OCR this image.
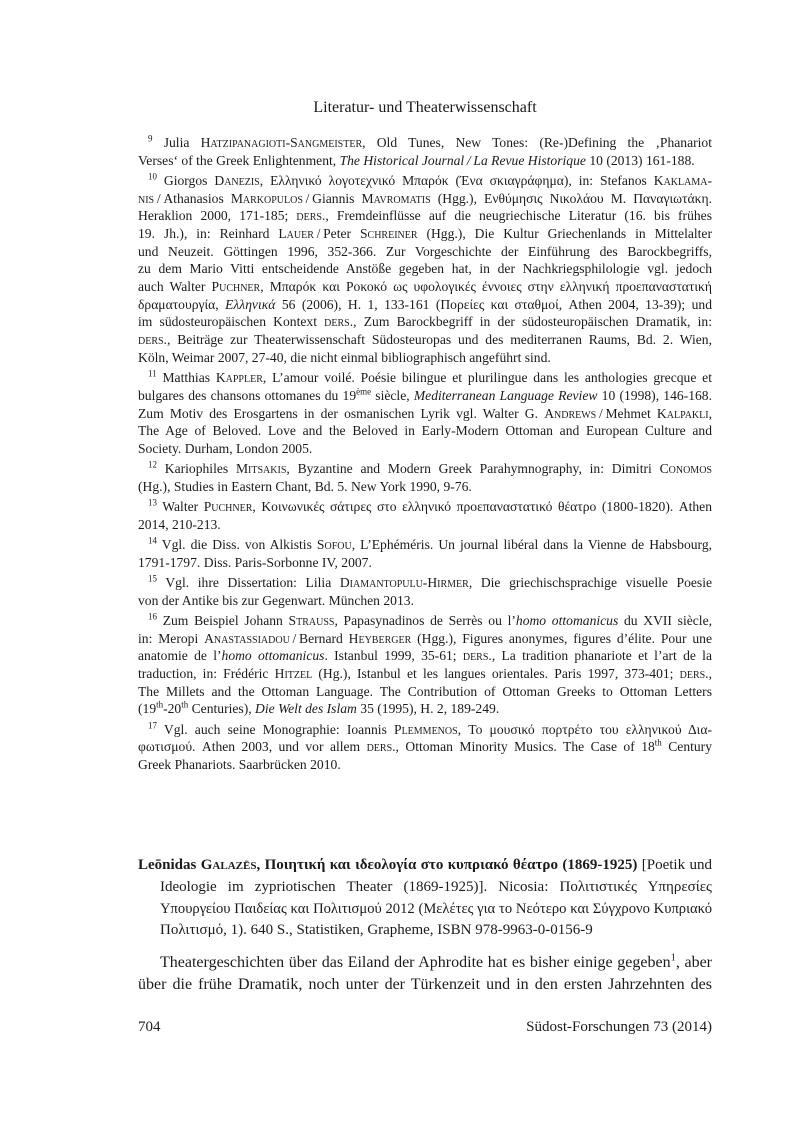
Literatur- und Theaterwissenschaft
$^9$ Julia Hatzipanagioti-Sangmeister, Old Tunes, New Tones: (Re-)Defining the ‚Phanariot
Verses‘ of the Greek Enlightenment, The Historical Journal / La Revue Historique 10 (2013) 161-188.
$^{10}$ Giorgos Danezis, Ελληνικό λογοτεχνικό Μπαρόκ (Ένα σκιαγράφημα), in: Stefanos Kaklama-
nis / Athanasios Markopulos / Giannis Mavromatis (Hgg.), Ενθύμησις Νικολάου Μ. Παναγιωτάκη.
Heraklion 2000, 171-185; ders., Fremdeinflüsse auf die neugriechische Literatur (16. bis frühes
19. Jh.), in: Reinhard Lauer / Peter Schreiner (Hgg.), Die Kultur Griechenlands in Mittelalter
und Neuzeit. Göttingen 1996, 352-366. Zur Vorgeschichte der Einführung des Barockbegriffs,
zu dem Mario Vitti entscheidende Anstöße gegeben hat, in der Nachkriegsphilologie vgl. jedoch
auch Walter Puchner, Μπαρόκ και Ροκοκό ως υφολογικές έννοιες στην ελληνική προεπαναστατική
δραματουργία, Ελληνικά 56 (2006), H. 1, 133-161 (Πορείες και σταθμοί, Athen 2004, 13-39); und
im südosteuropäischen Kontext ders., Zum Barockbegriff in der südosteuropäischen Dramatik, in:
ders., Beiträge zur Theaterwissenschaft Südosteuropas und des mediterranen Raums, Bd. 2. Wien,
Köln, Weimar 2007, 27-40, die nicht einmal bibliographisch angeführt sind.
$^{11}$ Matthias Kappler, L’amour voilé. Poésie bilingue et plurilingue dans les anthologies grecque et
bulgares des chansons ottomanes du 19ème siècle, Mediterranean Language Review 10 (1998), 146-168.
Zum Motiv des Erosgartens in der osmanischen Lyrik vgl. Walter G. Andrews / Mehmet Kalpakli,
The Age of Beloved. Love and the Beloved in Early-Modern Ottoman and European Culture and
Society. Durham, London 2005.
$^{12}$ Kariophiles Mitsakis, Byzantine and Modern Greek Parahymnography, in: Dimitri Conomos
(Hg.), Studies in Eastern Chant, Bd. 5. New York 1990, 9-76.
$^{13}$ Walter Puchner, Κοινωνικές σάτιρες στο ελληνικό προεπαναστατικό θέατρο (1800-1820). Athen
2014, 210-213.
$^{14}$ Vgl. die Diss. von Alkistis Sofou, L’Ephéméris. Un journal libéral dans la Vienne de Habsbourg,
1791-1797. Diss. Paris-Sorbonne IV, 2007.
$^{15}$ Vgl. ihre Dissertation: Lilia Diamantopulu-Hirmer, Die griechischsprachige visuelle Poesie
von der Antike bis zur Gegenwart. München 2013.
$^{16}$ Zum Beispiel Johann Strauss, Papasynadinos de Serrès ou l’homo ottomanicus du XVII siècle,
in: Meropi Anastassiadou / Bernard Heyberger (Hgg.), Figures anonymes, figures d’élite. Pour une
anatomie de l’homo ottomanicus. Istanbul 1999, 35-61; ders., La tradition phanariote et l’art de la
traduction, in: Frédéric Hitzel (Hg.), Istanbul et les langues orientales. Paris 1997, 373-401; ders.,
The Millets and the Ottoman Language. The Contribution of Ottoman Greeks to Ottoman Letters
(19th-20th Centuries), Die Welt des Islam 35 (1995), H. 2, 189-249.
$^{17}$ Vgl. auch seine Monographie: Ioannis Plemmenos, Το μουσικό πορτρέτο του ελληνικού Δια-
φωτισμού. Athen 2003, und vor allem ders., Ottoman Minority Musics. The Case of 18th Century
Greek Phanariots. Saarbrücken 2010.
Leōnidas Galazēs, Ποιητική και ιδεολογία στο κυπριακό θέατρο (1869-1925) [Poetik und
Ideologie im zypriotischen Theater (1869-1925)]. Nicosia: Πολιτιστικές Υπηρεσίες
Υπουργείου Παιδείας και Πολιτισμού 2012 (Μελέτες για το Νεότερο και Σύγχρονο Κυπριακό
Πολιτισμό, 1). 640 S., Statistiken, Grapheme, ISBN 978-9963-0-0156-9
Theatergeschichten über das Eiland der Aphrodite hat es bisher einige gegeben$^1$, aber
über die frühe Dramatik, noch unter der Türkenzeit und in den ersten Jahrzehnten des
704	Südost-Forschungen 73 (2014)
